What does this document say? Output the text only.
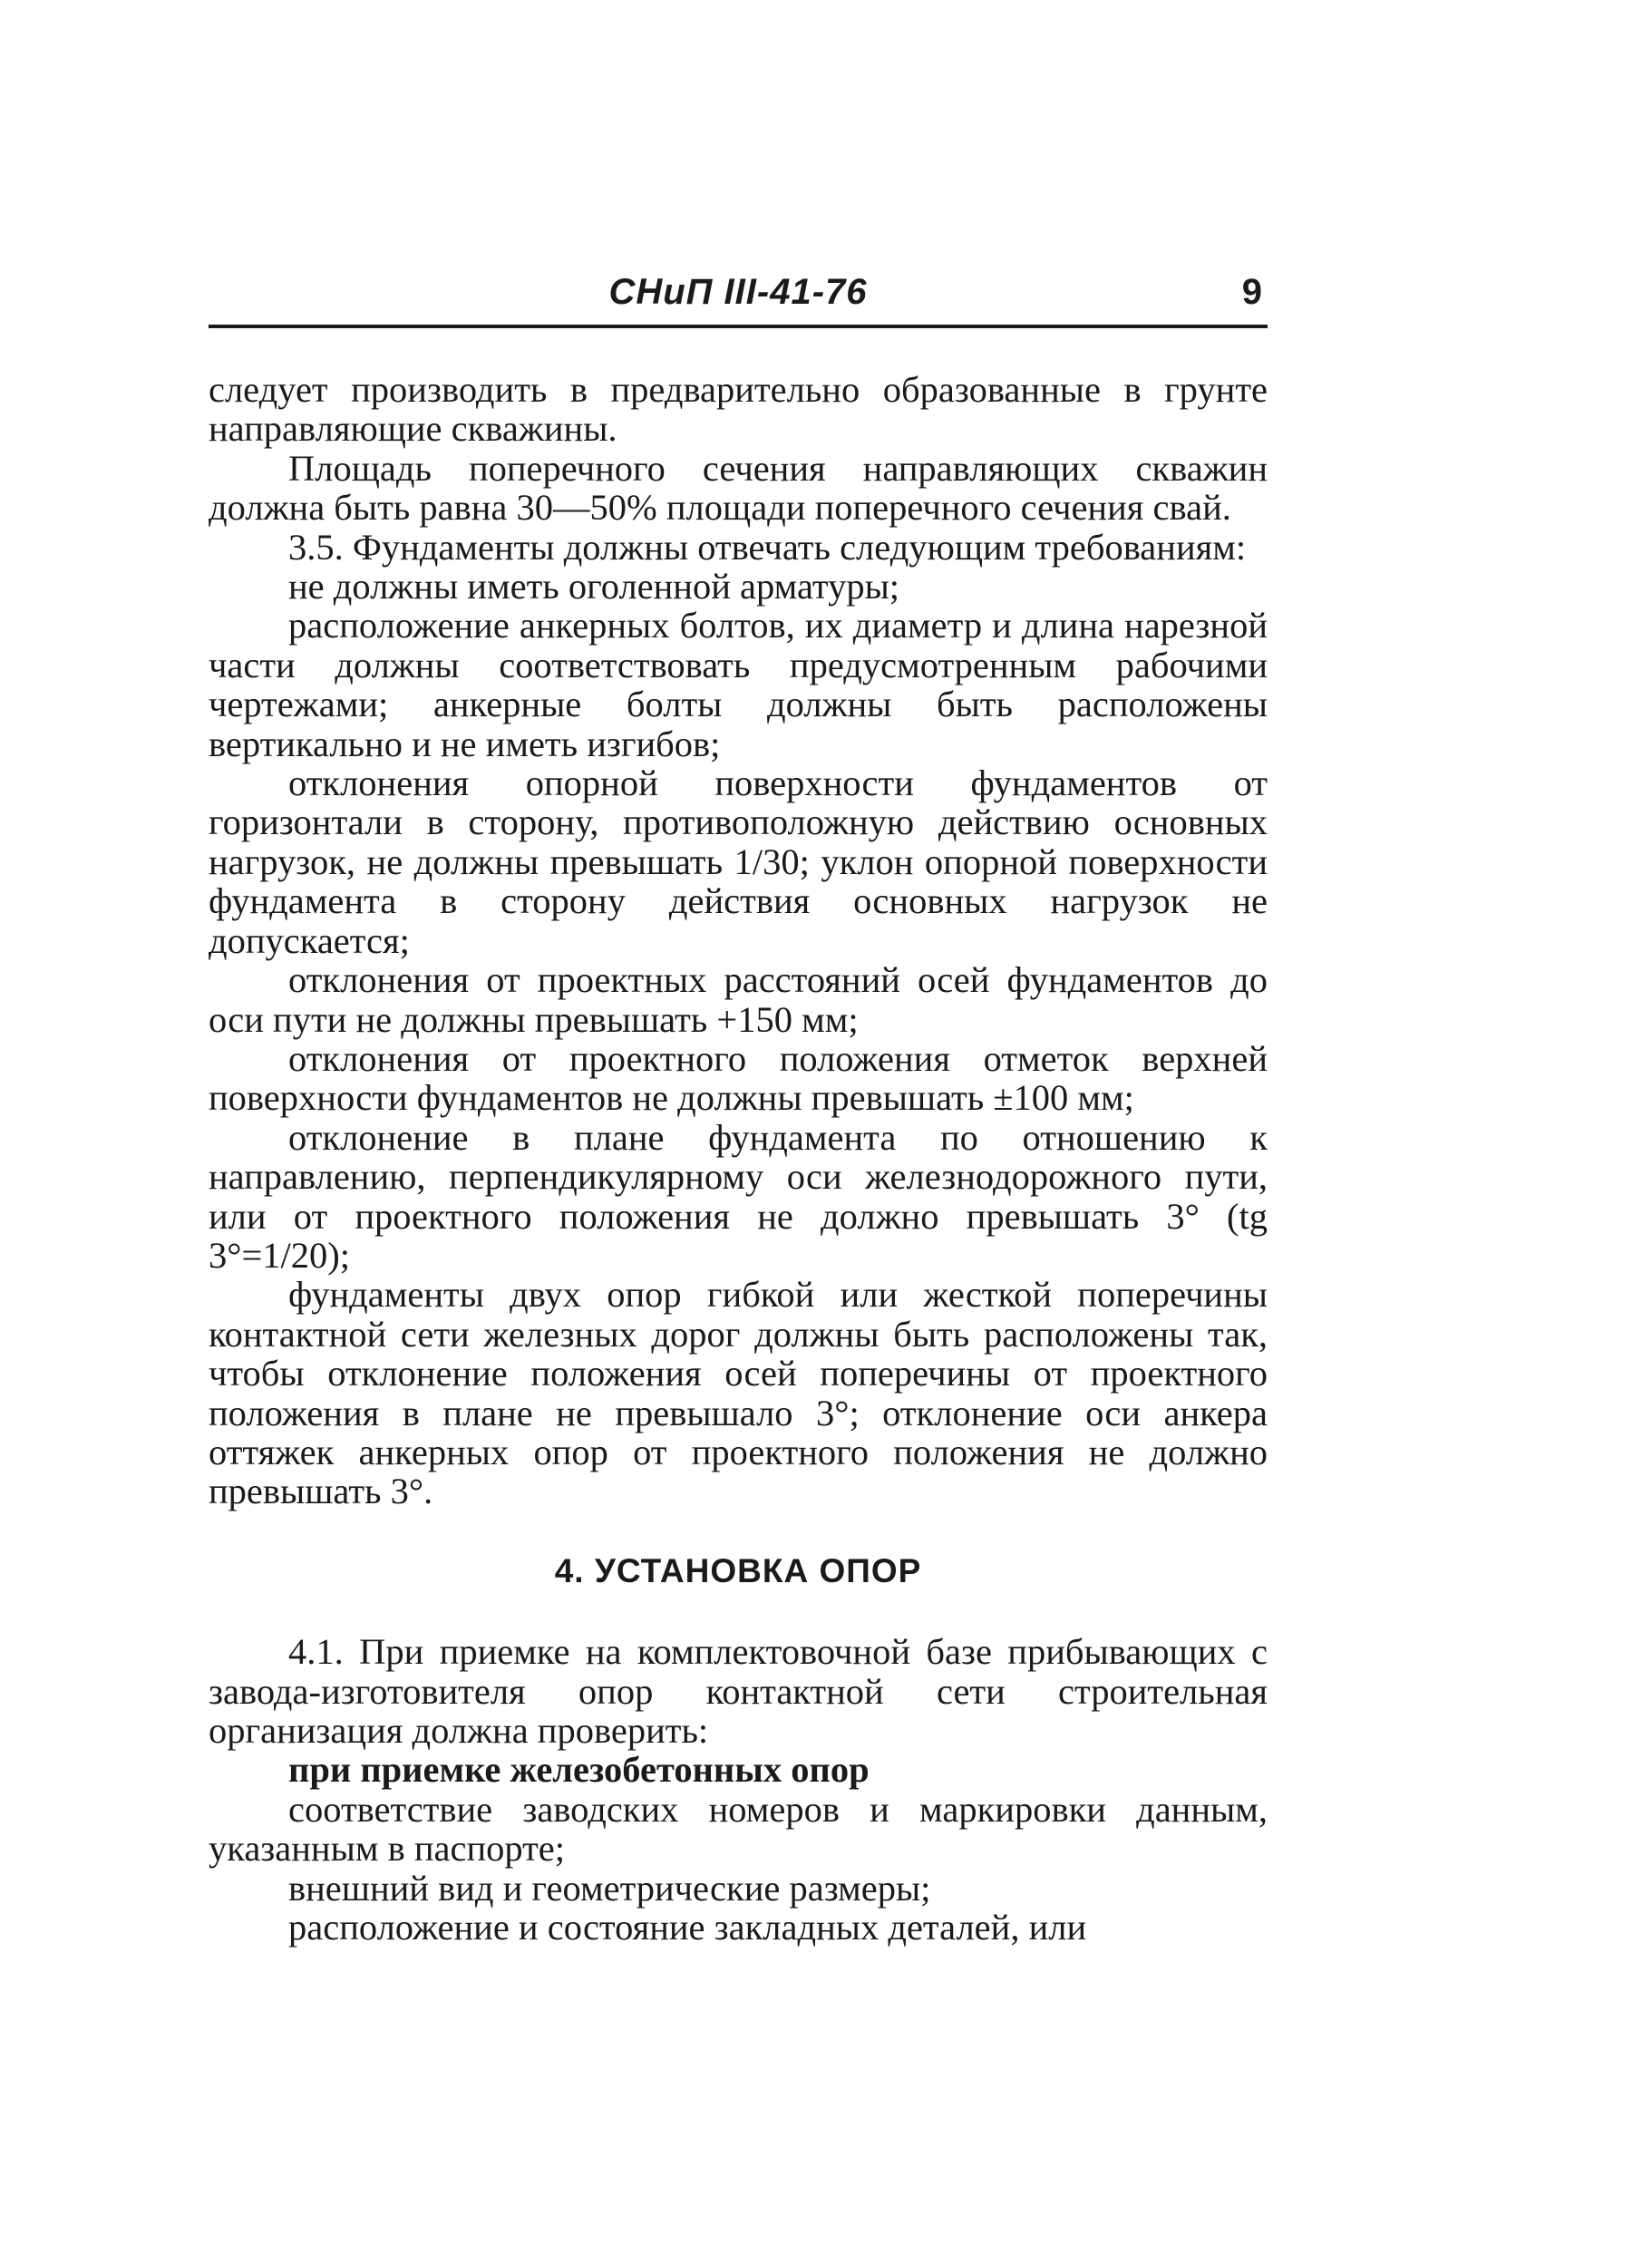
СНиП III-41-76	9

следует производить в предварительно образованные в грунте направляющие скважины.

Площадь поперечного сечения направляющих скважин должна быть равна 30—50% площади поперечного сечения свай.

3.5. Фундаменты должны отвечать следующим требованиям:

не должны иметь оголенной арматуры;

расположение анкерных болтов, их диаметр и длина нарезной части должны соответствовать предусмотренным рабочими чертежами; анкерные болты должны быть расположены вертикально и не иметь изгибов;

отклонения опорной поверхности фундаментов от горизонтали в сторону, противоположную действию основных нагрузок, не должны превышать 1/30; уклон опорной поверхности фундамента в сторону действия основных нагрузок не допускается;

отклонения от проектных расстояний осей фундаментов до оси пути не должны превышать +150 мм;

отклонения от проектного положения отметок верхней поверхности фундаментов не должны превышать ±100 мм;

отклонение в плане фундамента по отношению к направлению, перпендикулярному оси железнодорожного пути, или от проектного положения не должно превышать 3° (tg 3°=1/20);

фундаменты двух опор гибкой или жесткой поперечины контактной сети железных дорог должны быть расположены так, чтобы отклонение положения осей поперечины от проектного положения в плане не превышало 3°; отклонение оси анкера оттяжек анкерных опор от проектного положения не должно превышать 3°.

4. УСТАНОВКА ОПОР

4.1. При приемке на комплектовочной базе прибывающих с завода-изготовителя опор контактной сети строительная организация должна проверить:

при приемке железобетонных опор

соответствие заводских номеров и маркировки данным, указанным в паспорте;

внешний вид и геометрические размеры;

расположение и состояние закладных деталей, или
